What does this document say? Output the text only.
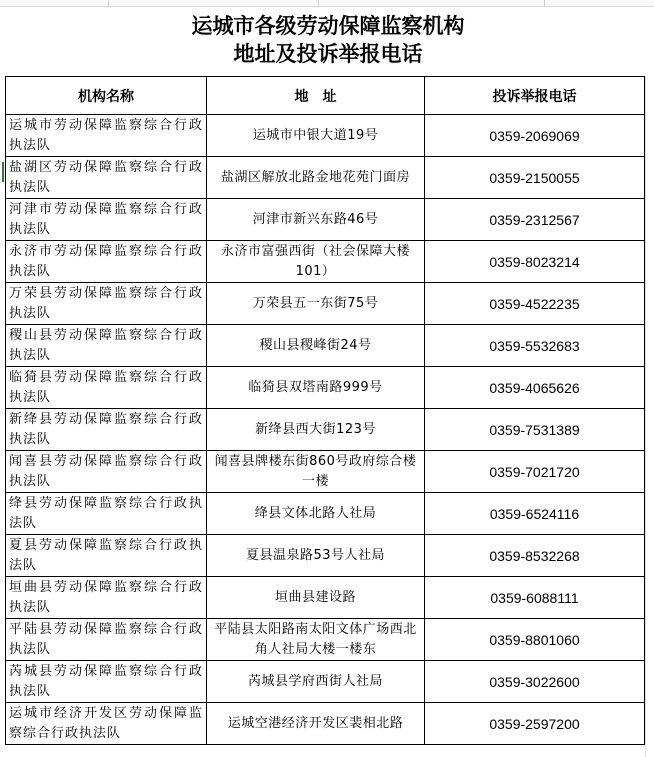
运城市各级劳动保障监察机构
地址及投诉举报电话
机构名称	地　址	投诉举报电话
运城市劳动保障监察综合行政执法队	运城市中银大道19号	0359-2069069
盐湖区劳动保障监察综合行政执法队	盐湖区解放北路金地花苑门面房	0359-2150055
河津市劳动保障监察综合行政执法队	河津市新兴东路46号	0359-2312567
永济市劳动保障监察综合行政执法队	永济市富强西街（社会保障大楼101）	0359-8023214
万荣县劳动保障监察综合行政执法队	万荣县五一东街75号	0359-4522235
稷山县劳动保障监察综合行政执法队	稷山县稷峰街24号	0359-5532683
临猗县劳动保障监察综合行政执法队	临猗县双塔南路999号	0359-4065626
新绛县劳动保障监察综合行政执法队	新绛县西大街123号	0359-7531389
闻喜县劳动保障监察综合行政执法队	闻喜县牌楼东街860号政府综合楼一楼	0359-7021720
绛县劳动保障监察综合行政执法队	绛县文体北路人社局	0359-6524116
夏县劳动保障监察综合行政执法队	夏县温泉路53号人社局	0359-8532268
垣曲县劳动保障监察综合行政执法队	垣曲县建设路	0359-6088111
平陆县劳动保障监察综合行政执法队	平陆县太阳路南太阳文体广场西北角人社局大楼一楼东	0359-8801060
芮城县劳动保障监察综合行政执法队	芮城县学府西街人社局	0359-3022600
运城市经济开发区劳动保障监察综合行政执法队	运城空港经济开发区裴相北路	0359-2597200
